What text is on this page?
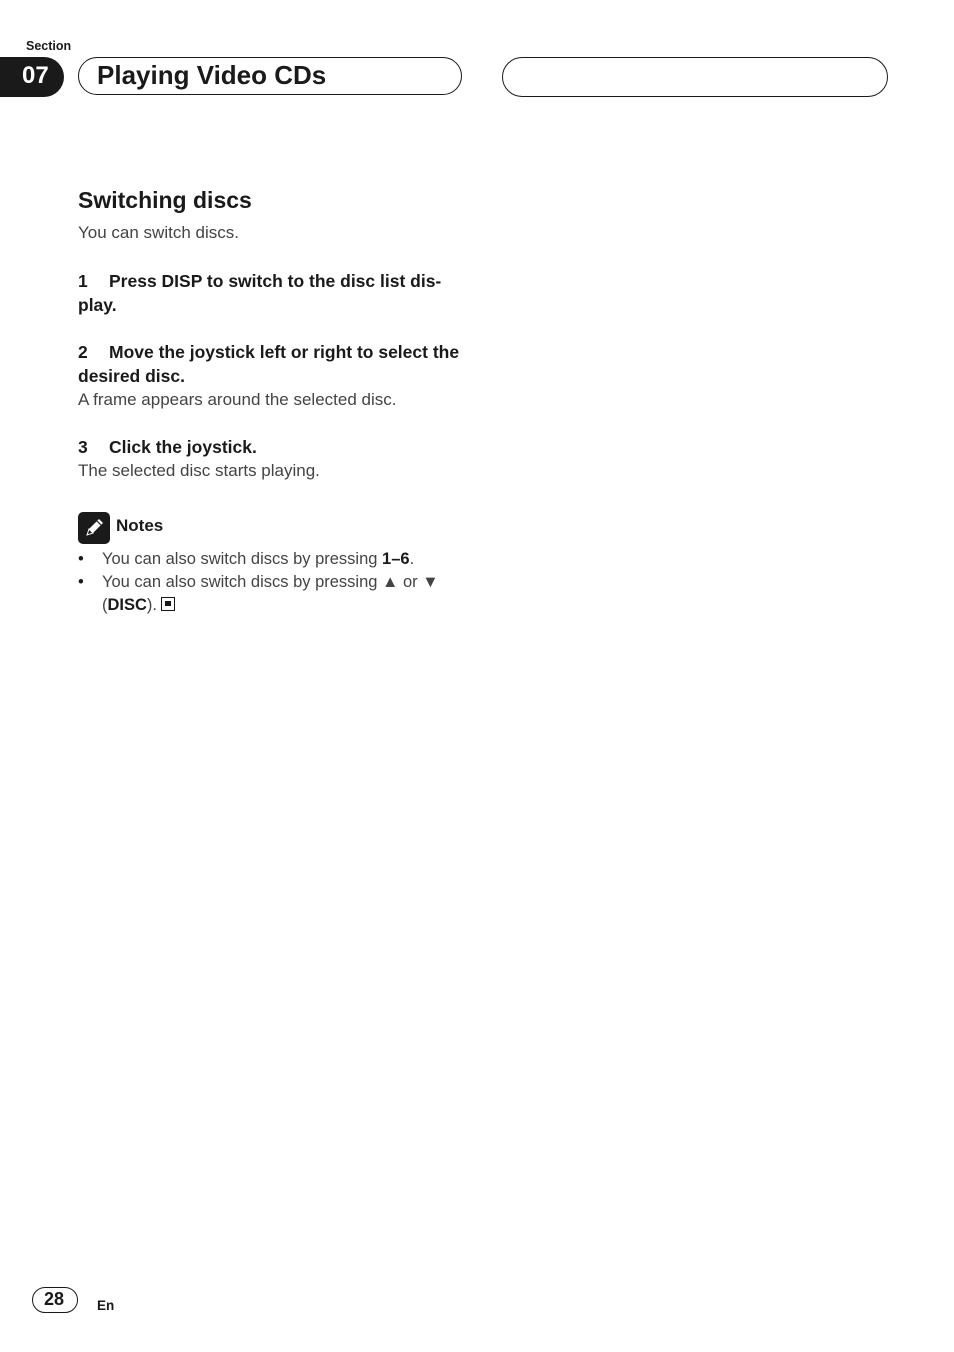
Section
07 Playing Video CDs
Switching discs
You can switch discs.
1 Press DISP to switch to the disc list dis-play.
2 Move the joystick left or right to select the desired disc.
A frame appears around the selected disc.
3 Click the joystick.
The selected disc starts playing.
Notes
• You can also switch discs by pressing 1–6.
• You can also switch discs by pressing ▲ or ▼ (DISC).
28 En
